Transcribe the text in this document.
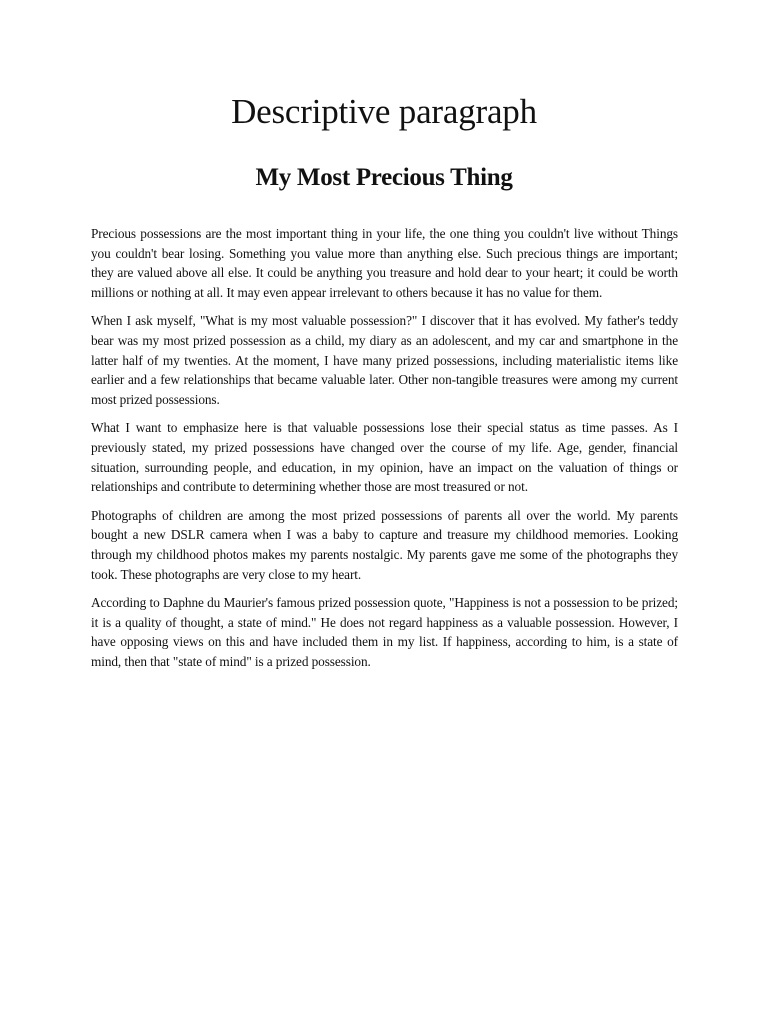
Descriptive paragraph
My Most Precious Thing

Precious possessions are the most important thing in your life, the one thing you couldn't live without Things you couldn't bear losing. Something you value more than anything else. Such precious things are important; they are valued above all else. It could be anything you treasure and hold dear to your heart; it could be worth millions or nothing at all. It may even appear irrelevant to others because it has no value for them.

When I ask myself, "What is my most valuable possession?" I discover that it has evolved. My father's teddy bear was my most prized possession as a child, my diary as an adolescent, and my car and smartphone in the latter half of my twenties. At the moment, I have many prized possessions, including materialistic items like earlier and a few relationships that became valuable later. Other non-tangible treasures were among my current most prized possessions.

What I want to emphasize here is that valuable possessions lose their special status as time passes. As I previously stated, my prized possessions have changed over the course of my life. Age, gender, financial situation, surrounding people, and education, in my opinion, have an impact on the valuation of things or relationships and contribute to determining whether those are most treasured or not.

Photographs of children are among the most prized possessions of parents all over the world. My parents bought a new DSLR camera when I was a baby to capture and treasure my childhood memories. Looking through my childhood photos makes my parents nostalgic. My parents gave me some of the photographs they took. These photographs are very close to my heart.

According to Daphne du Maurier's famous prized possession quote, "Happiness is not a possession to be prized; it is a quality of thought, a state of mind." He does not regard happiness as a valuable possession. However, I have opposing views on this and have included them in my list. If happiness, according to him, is a state of mind, then that "state of mind" is a prized possession.
